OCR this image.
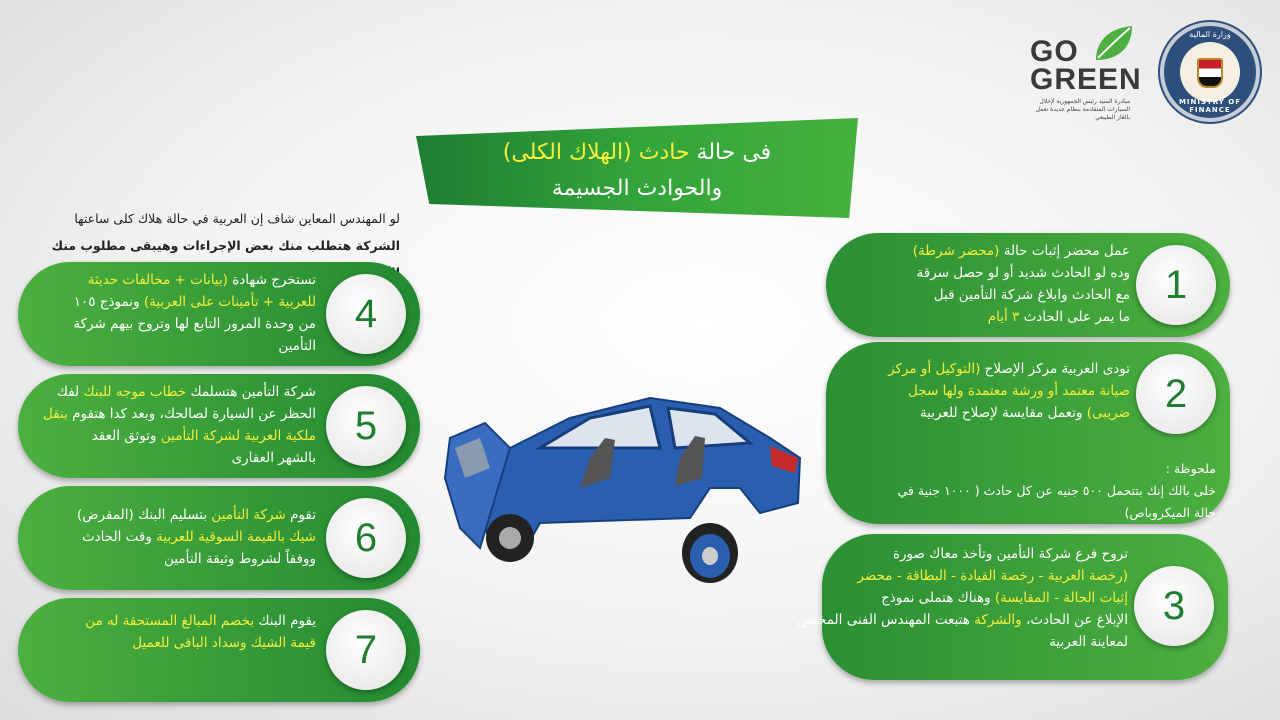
وزارة المالية
MINISTRY OF FINANCE
GO
GREEN
مبادرة السيد رئيس الجمهورية لإحلال السيارات المتقادمة بنظام جديدة تعمل بالغاز الطبيعي
فى حالة حادث (الهلاك الكلى)
والحوادث الجسيمة
لو المهندس المعاين شاف إن العربية في حالة هلاك كلى ساعتها
الشركة هتطلب منك بعض الإجراءات وهيبقى مطلوب منك	عمل محضر إثبات حالة (محضر شرطة)
وده لو الحادث شديد أو لو حصل سرقة
مع الحادث وابلاغ شركة التأمين قبل
ما يمر على الحادث ٣ أيام
1
تودى العربية مركز الإصلاح (التوكيل أو مركز
صيانة معتمد أو ورشة معتمدة ولها سجل
ضريبى) وتعمل مقايسة لإصلاح للعربية	2
ملحوظة :
خلى بالك إنك بتتحمل ٥٠٠ جنيه عن كل حادث ( ١٠٠٠ جنية في
حالة الميكروباص)
تروح فرع شركة التأمين وتأخذ معاك صورة
(رخصة العربية - رخصة القيادة - البطاقة - محضر
إثبات الحالة - المقايسة) وهناك هتملى نموذج
الإبلاغ عن الحادث، والشركة هتبعت المهندس الفنى المختص
لمعاينة العربية
3
4
تستخرج شهادة (بيانات + مخالفات حديثة
للعربية + تأمينات على العربية) ونموذج ١٠٥
من وحدة المرور التابع لها وتروح بيهم شركة
التأمين
5
شركة التأمين هتسلمك خطاب موجه للبنك لفك
الحظر عن السيارة لصالحك، وبعد كدا هتقوم بنقل
ملكية العربية لشركة التأمين وتوثق العقد
بالشهر العقارى
6
تقوم شركة التأمين بتسليم البنك (المقرض)
شيك بالقيمة السوقية للعربية وقت الحادث
ووفقاً لشروط وثيقة التأمين
7
يقوم البنك بخصم المبالغ المستحقة له من
قيمة الشيك وسداد الباقى للعميل
